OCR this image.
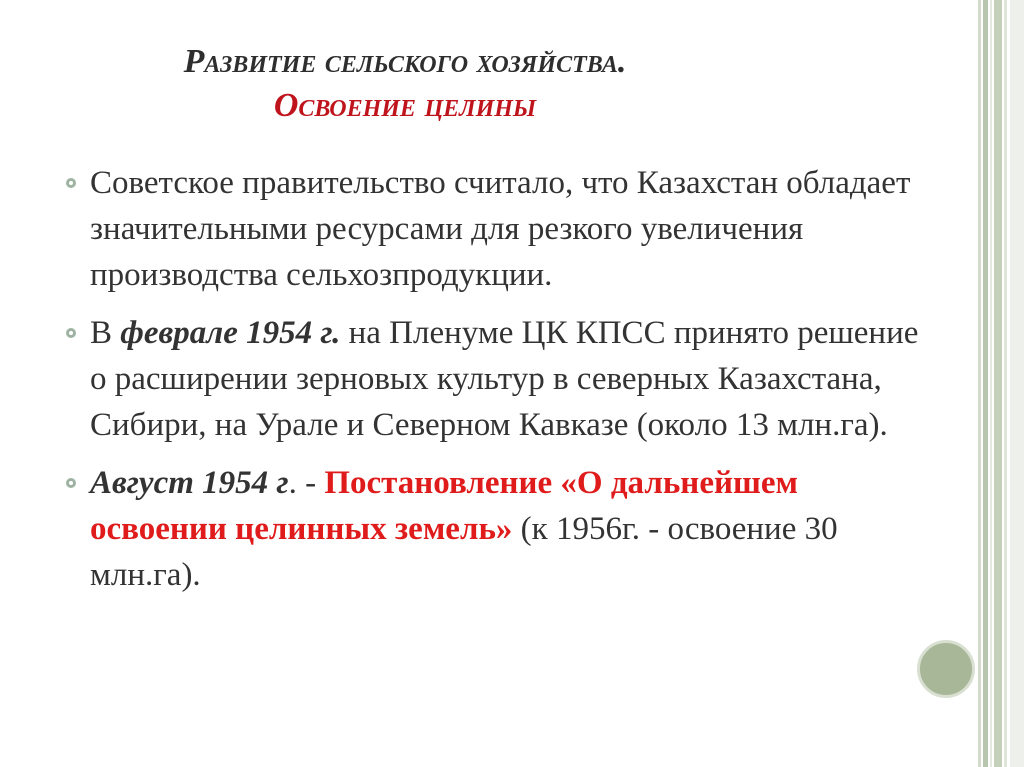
Развитие сельского хозяйства.
Освоение целины
Советское правительство считало, что Казахстан обладает значительными ресурсами для резкого увеличения производства сельхозпродукции.
В феврале 1954 г. на Пленуме ЦК КПСС принято решение о расширении зерновых культур в северных Казахстана, Сибири, на Урале и Северном Кавказе (около 13 млн.га).
Август 1954 г. - Постановление «О дальнейшем освоении целинных земель» (к 1956г. - освоение 30 млн.га).
